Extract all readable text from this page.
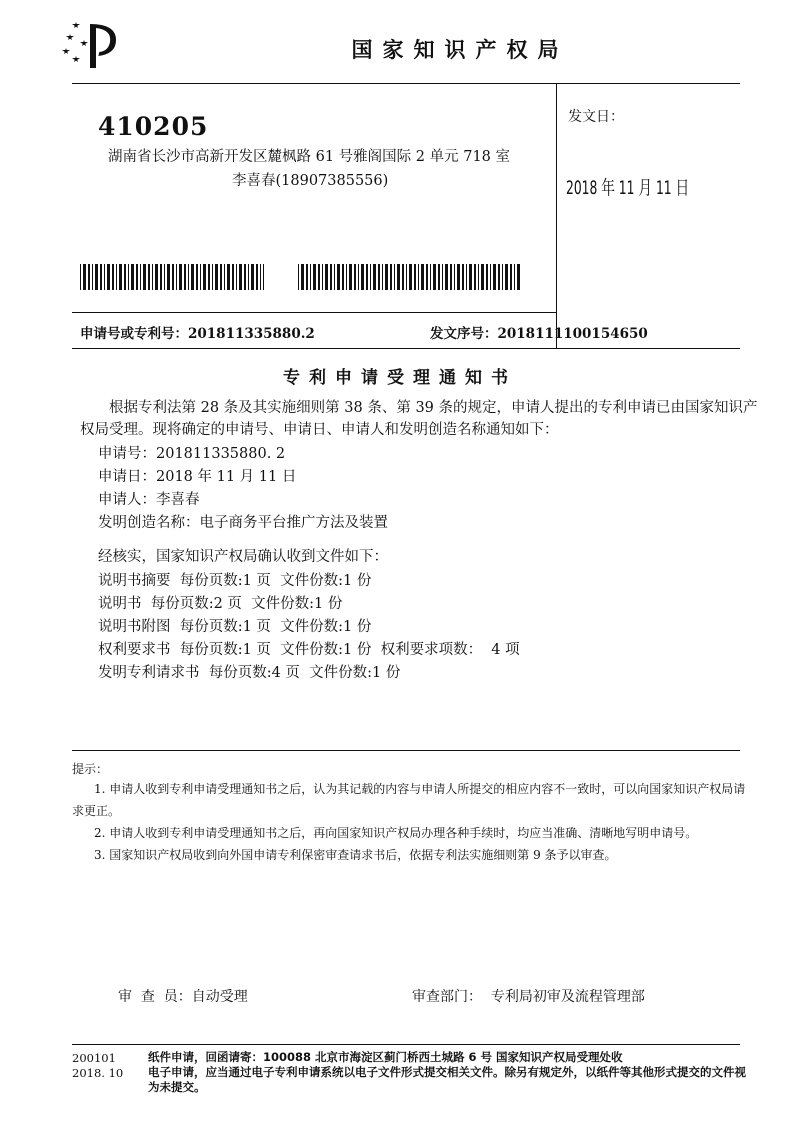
国家知识产权局
410205
湖南省长沙市高新开发区麓枫路 61 号雅阁国际 2 单元 718 室
李喜春(18907385556)
发文日：
2018 年 11 月 11 日
申请号或专利号：201811335880.2	发文序号：2018111100154650
专利申请受理通知书
根据专利法第 28 条及其实施细则第 38 条、第 39 条的规定，申请人提出的专利申请已由国家知识产权局受理。现将确定的申请号、申请日、申请人和发明创造名称通知如下：
申请号：201811335880. 2
申请日：2018 年 11 月 11 日
申请人：李喜春
发明创造名称：电子商务平台推广方法及装置
经核实，国家知识产权局确认收到文件如下：
说明书摘要  每份页数:1 页  文件份数:1 份
说明书  每份页数:2 页  文件份数:1 份
说明书附图  每份页数:1 页  文件份数:1 份
权利要求书  每份页数:1 页  文件份数:1 份  权利要求项数：  4 项
发明专利请求书  每份页数:4 页  文件份数:1 份
提示：
1. 申请人收到专利申请受理通知书之后，认为其记载的内容与申请人所提交的相应内容不一致时，可以向国家知识产权局请求更正。
2. 申请人收到专利申请受理通知书之后，再向国家知识产权局办理各种手续时，均应当准确、清晰地写明申请号。
3. 国家知识产权局收到向外国申请专利保密审查请求书后，依据专利法实施细则第 9 条予以审查。
审  查  员：自动受理	审查部门：  专利局初审及流程管理部
200101
2018. 10
纸件申请，回函请寄：100088 北京市海淀区蓟门桥西土城路 6 号 国家知识产权局受理处收
电子申请，应当通过电子专利申请系统以电子文件形式提交相关文件。除另有规定外，以纸件等其他形式提交的文件视为未提交。
